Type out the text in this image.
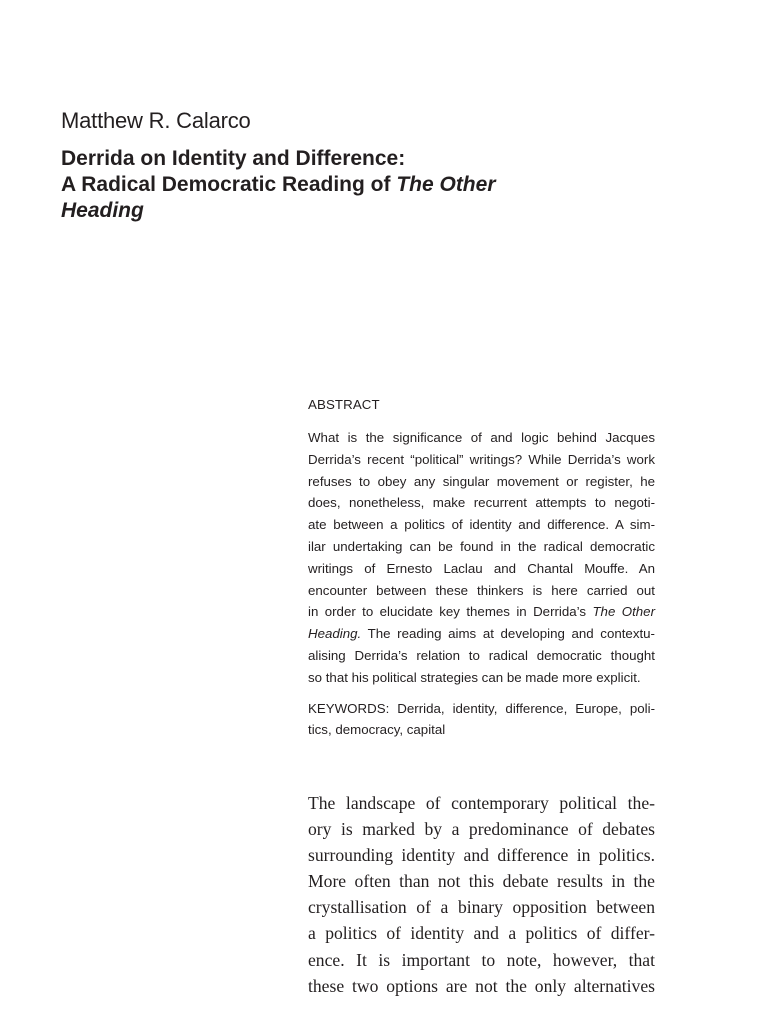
Matthew R. Calarco
Derrida on Identity and Difference:
A Radical Democratic Reading of The Other
Heading
ABSTRACT
What is the significance of and logic behind Jacques
Derrida’s recent “political” writings? While Derrida’s work
refuses to obey any singular movement or register, he
does, nonetheless, make recurrent attempts to negoti-
ate between a politics of identity and difference. A sim-
ilar undertaking can be found in the radical democratic
writings of Ernesto Laclau and Chantal Mouffe. An
encounter between these thinkers is here carried out
in order to elucidate key themes in Derrida’s The Other
Heading. The reading aims at developing and contextu-
alising Derrida’s relation to radical democratic thought
so that his political strategies can be made more explicit.
KEYWORDS: Derrida, identity, difference, Europe, poli-
tics, democracy, capital
The landscape of contemporary political the-
ory is marked by a predominance of debates
surrounding identity and difference in politics.
More often than not this debate results in the
crystallisation of a binary opposition between
a politics of identity and a politics of differ-
ence. It is important to note, however, that
these two options are not the only alternatives
